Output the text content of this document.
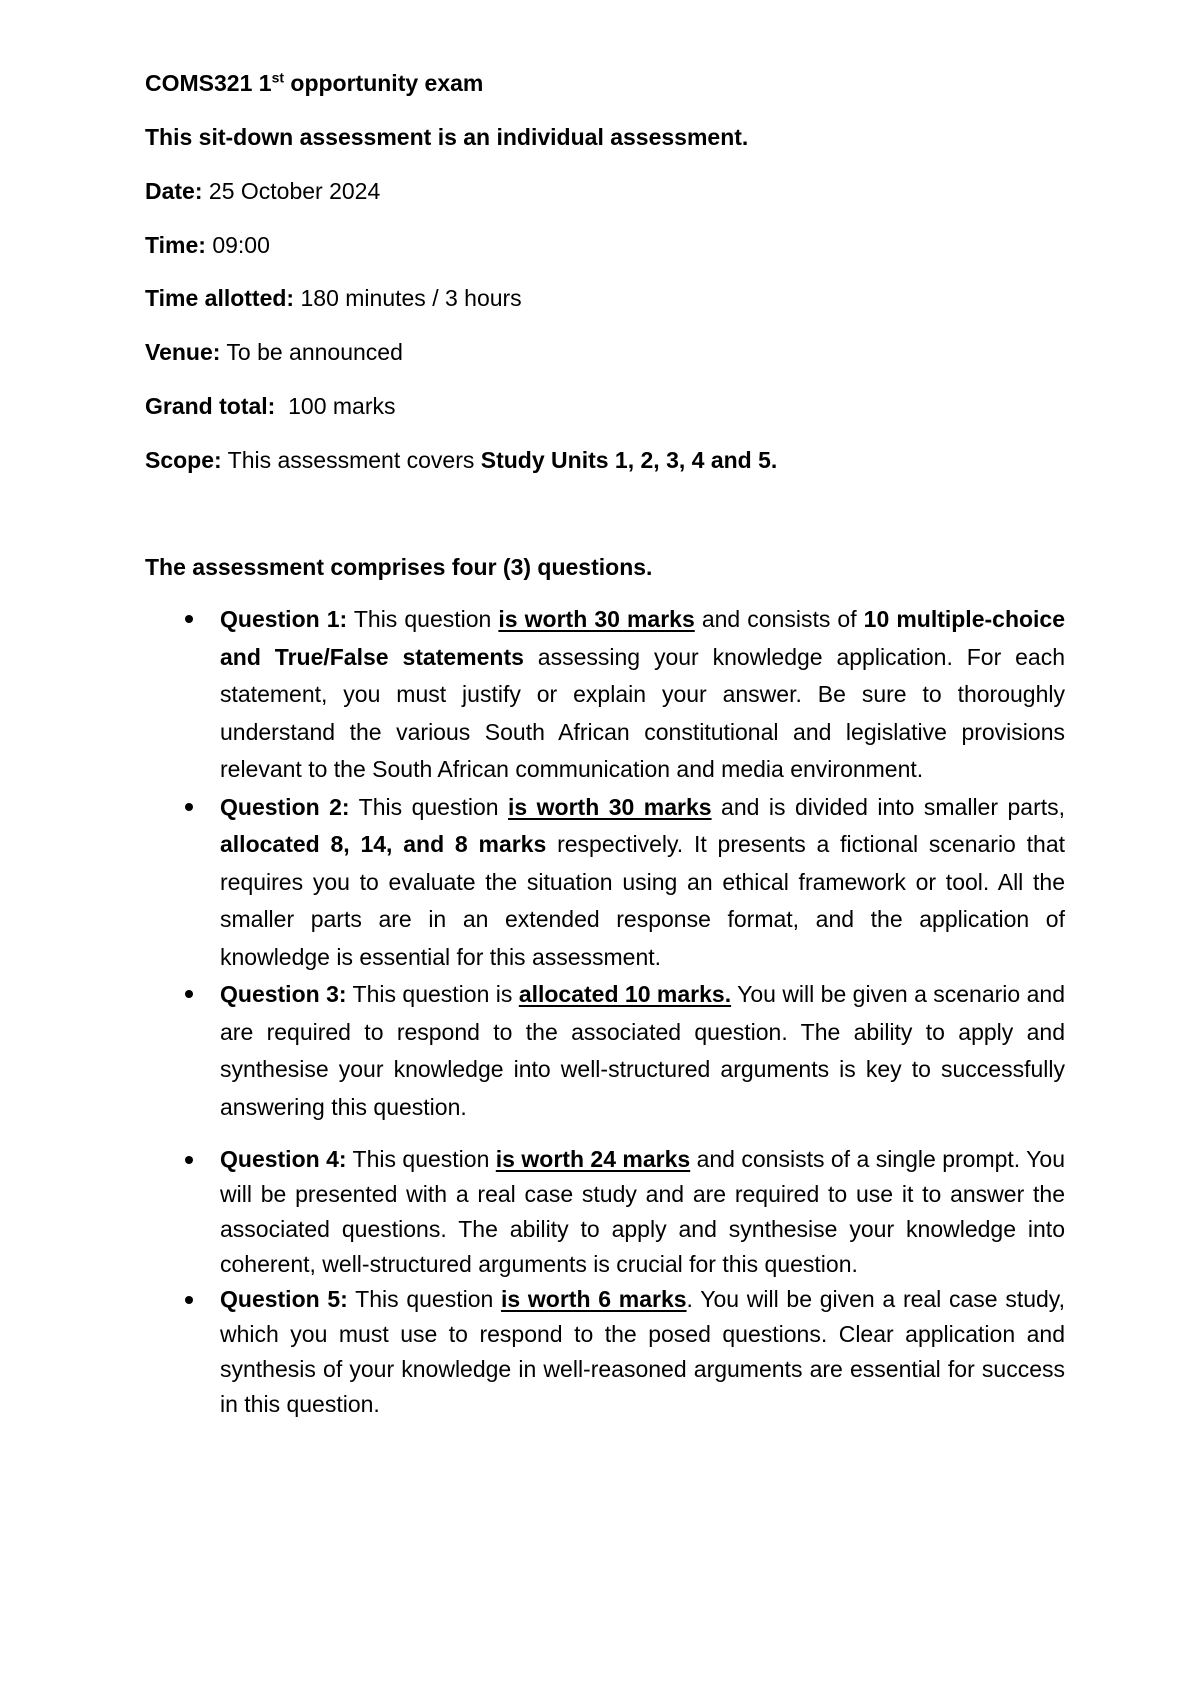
COMS321 1st opportunity exam
This sit-down assessment is an individual assessment.
Date: 25 October 2024
Time: 09:00
Time allotted: 180 minutes / 3 hours
Venue: To be announced
Grand total:  100 marks
Scope: This assessment covers Study Units 1, 2, 3, 4 and 5.
The assessment comprises four (3) questions.
Question 1: This question is worth 30 marks and consists of 10 multiple-choice and True/False statements assessing your knowledge application. For each statement, you must justify or explain your answer. Be sure to thoroughly understand the various South African constitutional and legislative provisions relevant to the South African communication and media environment.
Question 2: This question is worth 30 marks and is divided into smaller parts, allocated 8, 14, and 8 marks respectively. It presents a fictional scenario that requires you to evaluate the situation using an ethical framework or tool. All the smaller parts are in an extended response format, and the application of knowledge is essential for this assessment.
Question 3: This question is allocated 10 marks. You will be given a scenario and are required to respond to the associated question. The ability to apply and synthesise your knowledge into well-structured arguments is key to successfully answering this question.
Question 4: This question is worth 24 marks and consists of a single prompt. You will be presented with a real case study and are required to use it to answer the associated questions. The ability to apply and synthesise your knowledge into coherent, well-structured arguments is crucial for this question.
Question 5: This question is worth 6 marks. You will be given a real case study, which you must use to respond to the posed questions. Clear application and synthesis of your knowledge in well-reasoned arguments are essential for success in this question.
